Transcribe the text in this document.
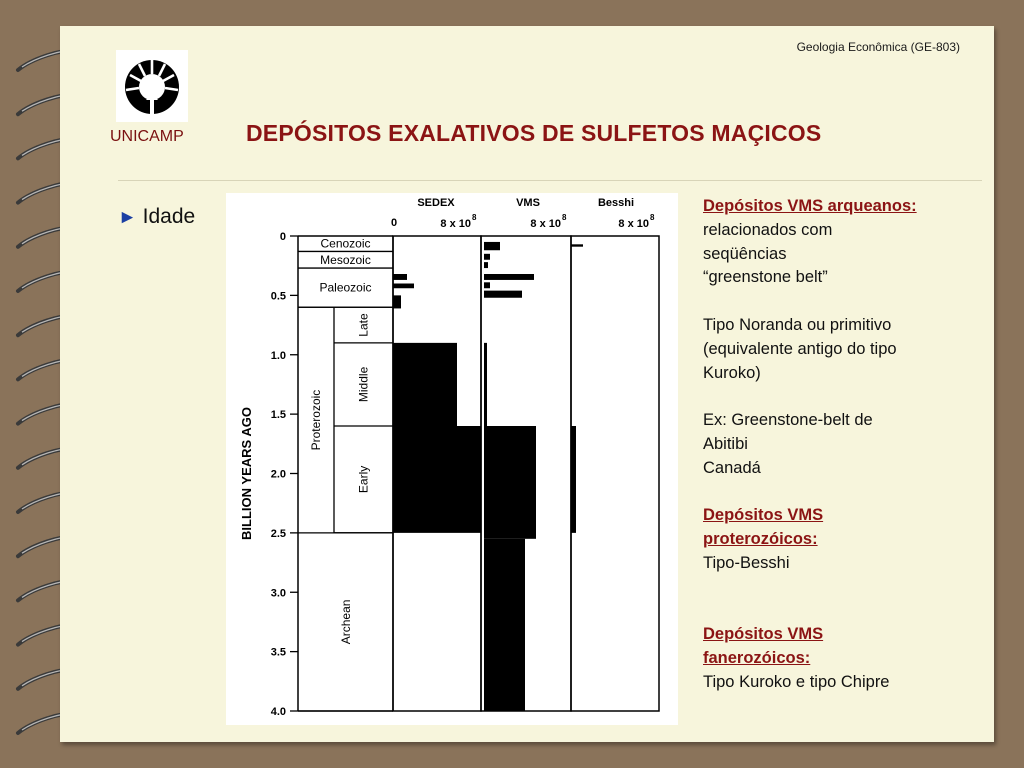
Geologia Econômica (GE-803)
UNICAMP	DEPÓSITOS EXALATIVOS DE SULFETOS MAÇICOS
► Idade
BILLION YEARS AGO
0
0.5
1.0
1.5
2.0
2.5
3.0
3.5
4.0
Cenozoic
Mesozoic
Paleozoic
Proterozoic
Archean
Late
Middle
Early
SEDEX
0	8 x 10
8
VMS
8 x 10
8
Besshi
8 x 10
8
Depósitos VMS arqueanos:
relacionados com
seqüências
“greenstone belt”
Tipo Noranda ou primitivo
(equivalente antigo do tipo
Kuroko)
Ex: Greenstone-belt de
Abitibi
Canadá
Depósitos VMS
proterozóicos:
Tipo-Besshi
Depósitos VMS
fanerozóicos:
Tipo Kuroko e tipo Chipre
